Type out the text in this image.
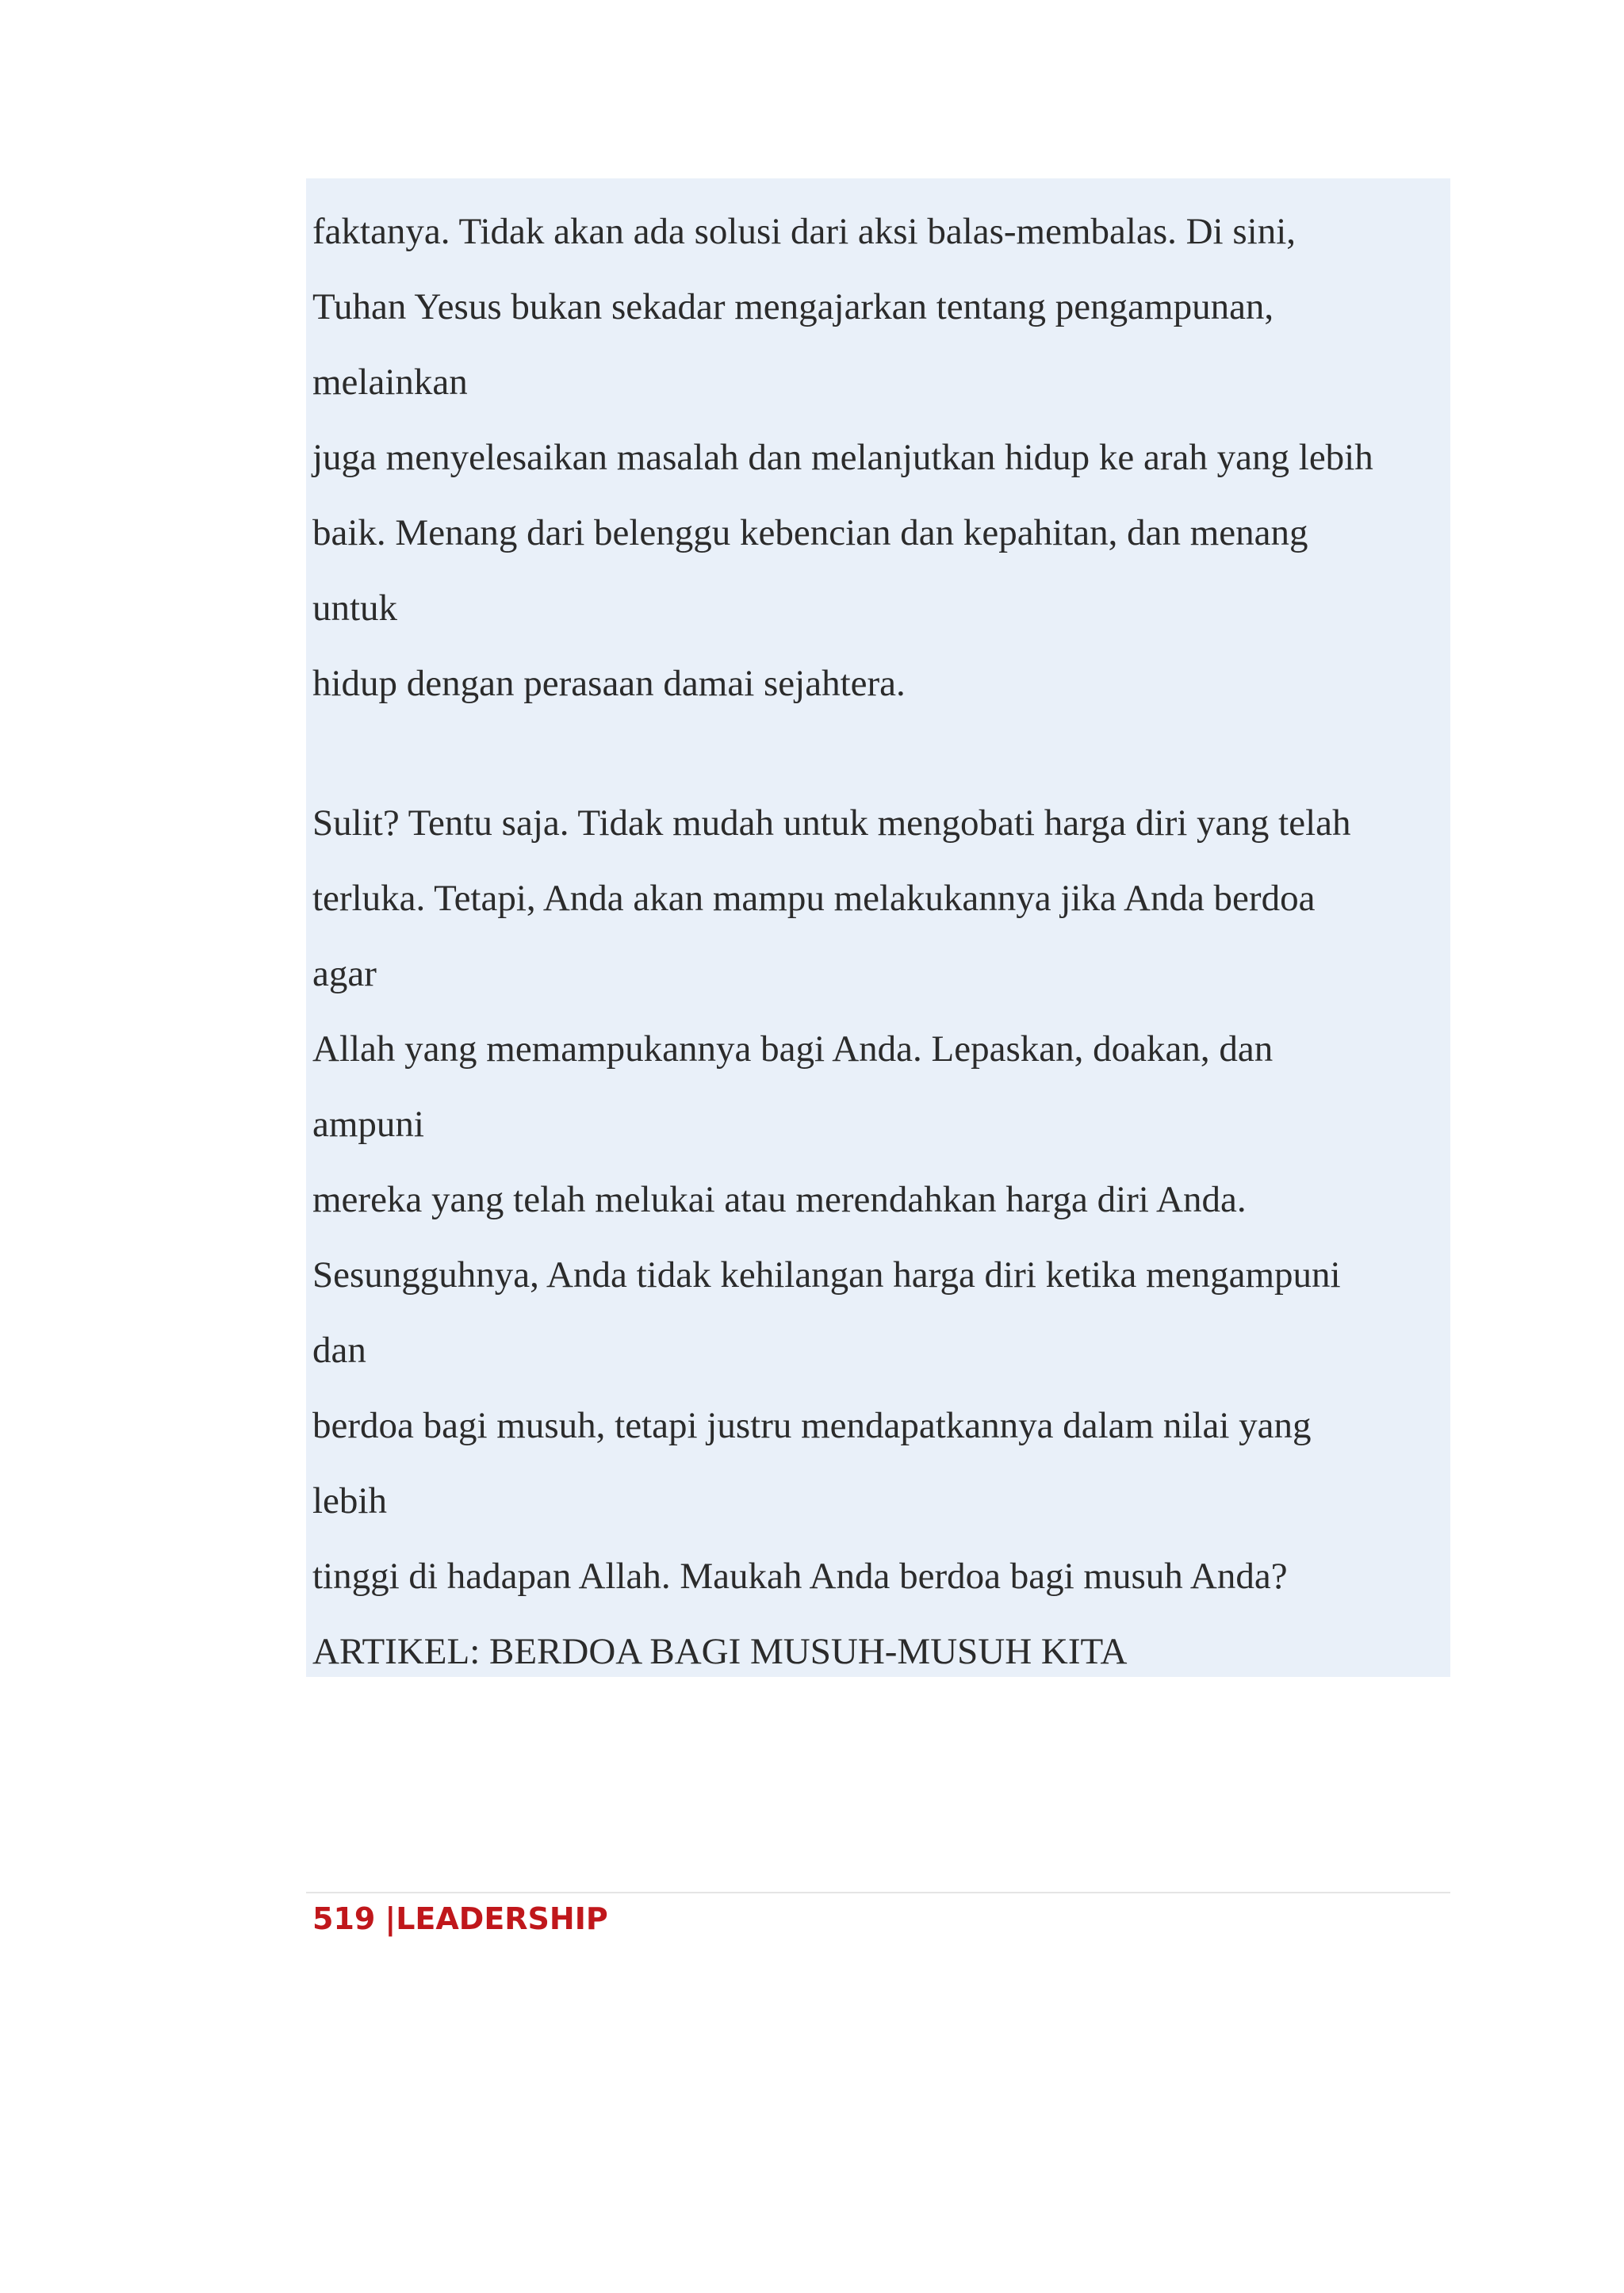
faktanya. Tidak akan ada solusi dari aksi balas-membalas. Di sini,

Tuhan Yesus bukan sekadar mengajarkan tentang pengampunan,

melainkan

juga menyelesaikan masalah dan melanjutkan hidup ke arah yang lebih

baik. Menang dari belenggu kebencian dan kepahitan, dan menang

untuk

hidup dengan perasaan damai sejahtera.

Sulit? Tentu saja. Tidak mudah untuk mengobati harga diri yang telah

terluka. Tetapi, Anda akan mampu melakukannya jika Anda berdoa

agar

Allah yang memampukannya bagi Anda. Lepaskan, doakan, dan

ampuni

mereka yang telah melukai atau merendahkan harga diri Anda.

Sesungguhnya, Anda tidak kehilangan harga diri ketika mengampuni

dan

berdoa bagi musuh, tetapi justru mendapatkannya dalam nilai yang

lebih

tinggi di hadapan Allah. Maukah Anda berdoa bagi musuh Anda?

ARTIKEL: BERDOA BAGI MUSUH-MUSUH KITA

519 |LEADERSHIP
